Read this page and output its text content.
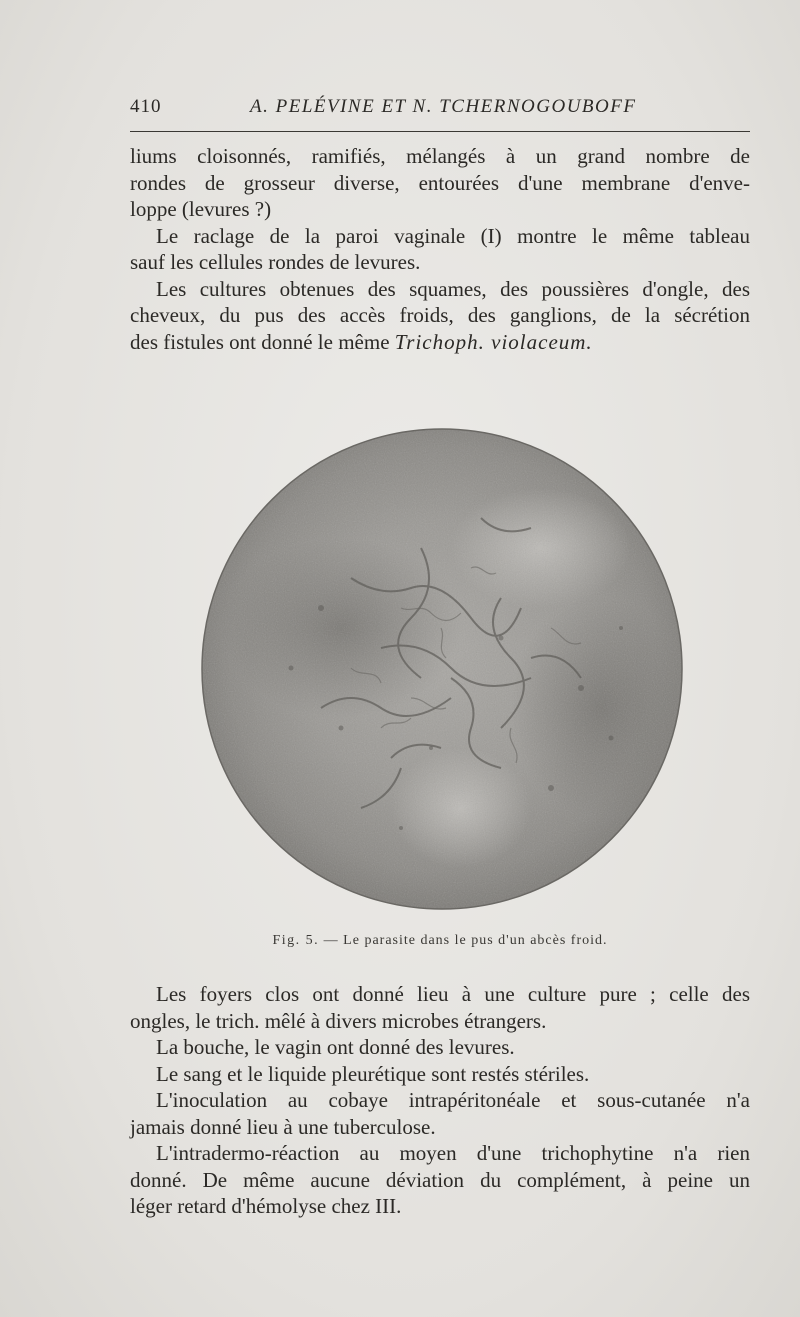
410	A. PELÉVINE ET N. TCHERNOGOUBOFF

liums cloisonnés, ramifiés, mélangés à un grand nombre de
rondes de grosseur diverse, entourées d'une membrane d'enve-
loppe (levures ?)

Le raclage de la paroi vaginale (I) montre le même tableau
sauf les cellules rondes de levures.

Les cultures obtenues des squames, des poussières d'ongle, des
cheveux, du pus des accès froids, des ganglions, de la sécrétion
des fistules ont donné le même Trichoph. violaceum.

Fig. 5. — Le parasite dans le pus d'un abcès froid.

Les foyers clos ont donné lieu à une culture pure ; celle des
ongles, le trich. mêlé à divers microbes étrangers.

La bouche, le vagin ont donné des levures.

Le sang et le liquide pleurétique sont restés stériles.

L'inoculation au cobaye intrapéritonéale et sous-cutanée n'a
jamais donné lieu à une tuberculose.

L'intradermo-réaction au moyen d'une trichophytine n'a rien
donné. De même aucune déviation du complément, à peine un
léger retard d'hémolyse chez III.
